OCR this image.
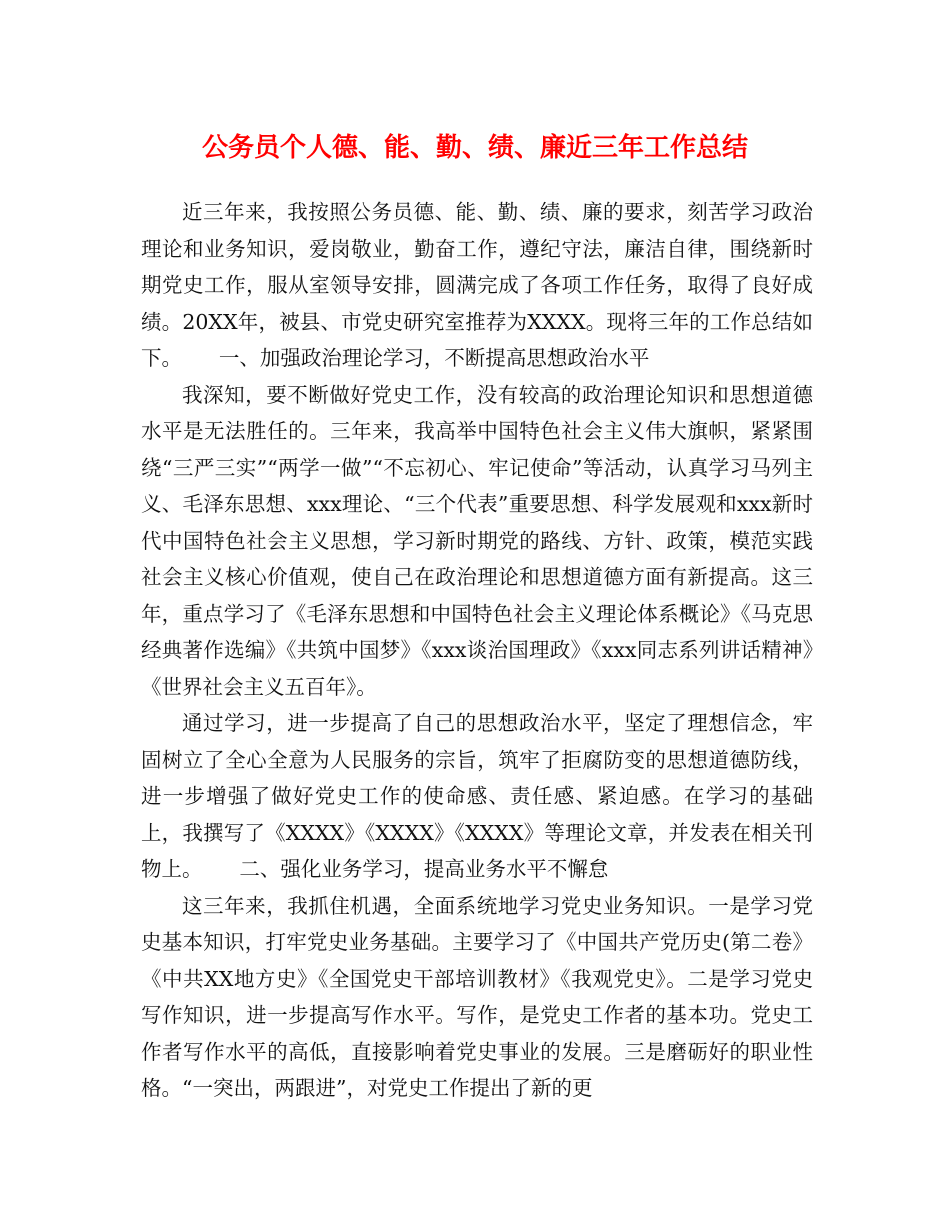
公务员个人德、能、勤、绩、廉近三年工作总结

近三年来，我按照公务员德、能、勤、绩、廉的要求，刻苦学习政治理论和业务知识，爱岗敬业，勤奋工作，遵纪守法，廉洁自律，围绕新时期党史工作，服从室领导安排，圆满完成了各项工作任务，取得了良好成绩。20XX年，被县、市党史研究室推荐为XXXX。现将三年的工作总结如下。 一、加强政治理论学习，不断提高思想政治水平

我深知，要不断做好党史工作，没有较高的政治理论知识和思想道德水平是无法胜任的。三年来，我高举中国特色社会主义伟大旗帜，紧紧围绕“三严三实”“两学一做”“不忘初心、牢记使命”等活动，认真学习马列主义、毛泽东思想、xxx理论、“三个代表”重要思想、科学发展观和xxx新时代中国特色社会主义思想，学习新时期党的路线、方针、政策，模范实践社会主义核心价值观，使自己在政治理论和思想道德方面有新提高。这三年，重点学习了《毛泽东思想和中国特色社会主义理论体系概论》《马克思经典著作选编》《共筑中国梦》《xxx谈治国理政》《xxx同志系列讲话精神》《世界社会主义五百年》。

通过学习，进一步提高了自己的思想政治水平，坚定了理想信念，牢固树立了全心全意为人民服务的宗旨，筑牢了拒腐防变的思想道德防线，进一步增强了做好党史工作的使命感、责任感、紧迫感。在学习的基础上，我撰写了《XXXX》《XXXX》《XXXX》等理论文章，并发表在相关刊物上。 二、强化业务学习，提高业务水平不懈怠

这三年来，我抓住机遇，全面系统地学习党史业务知识。一是学习党史基本知识，打牢党史业务基础。主要学习了《中国共产党历史(第二卷》《中共XX地方史》《全国党史干部培训教材》《我观党史》。二是学习党史写作知识，进一步提高写作水平。写作，是党史工作者的基本功。党史工作者写作水平的高低，直接影响着党史事业的发展。三是磨砺好的职业性格。“一突出，两跟进”，对党史工作提出了新的更
